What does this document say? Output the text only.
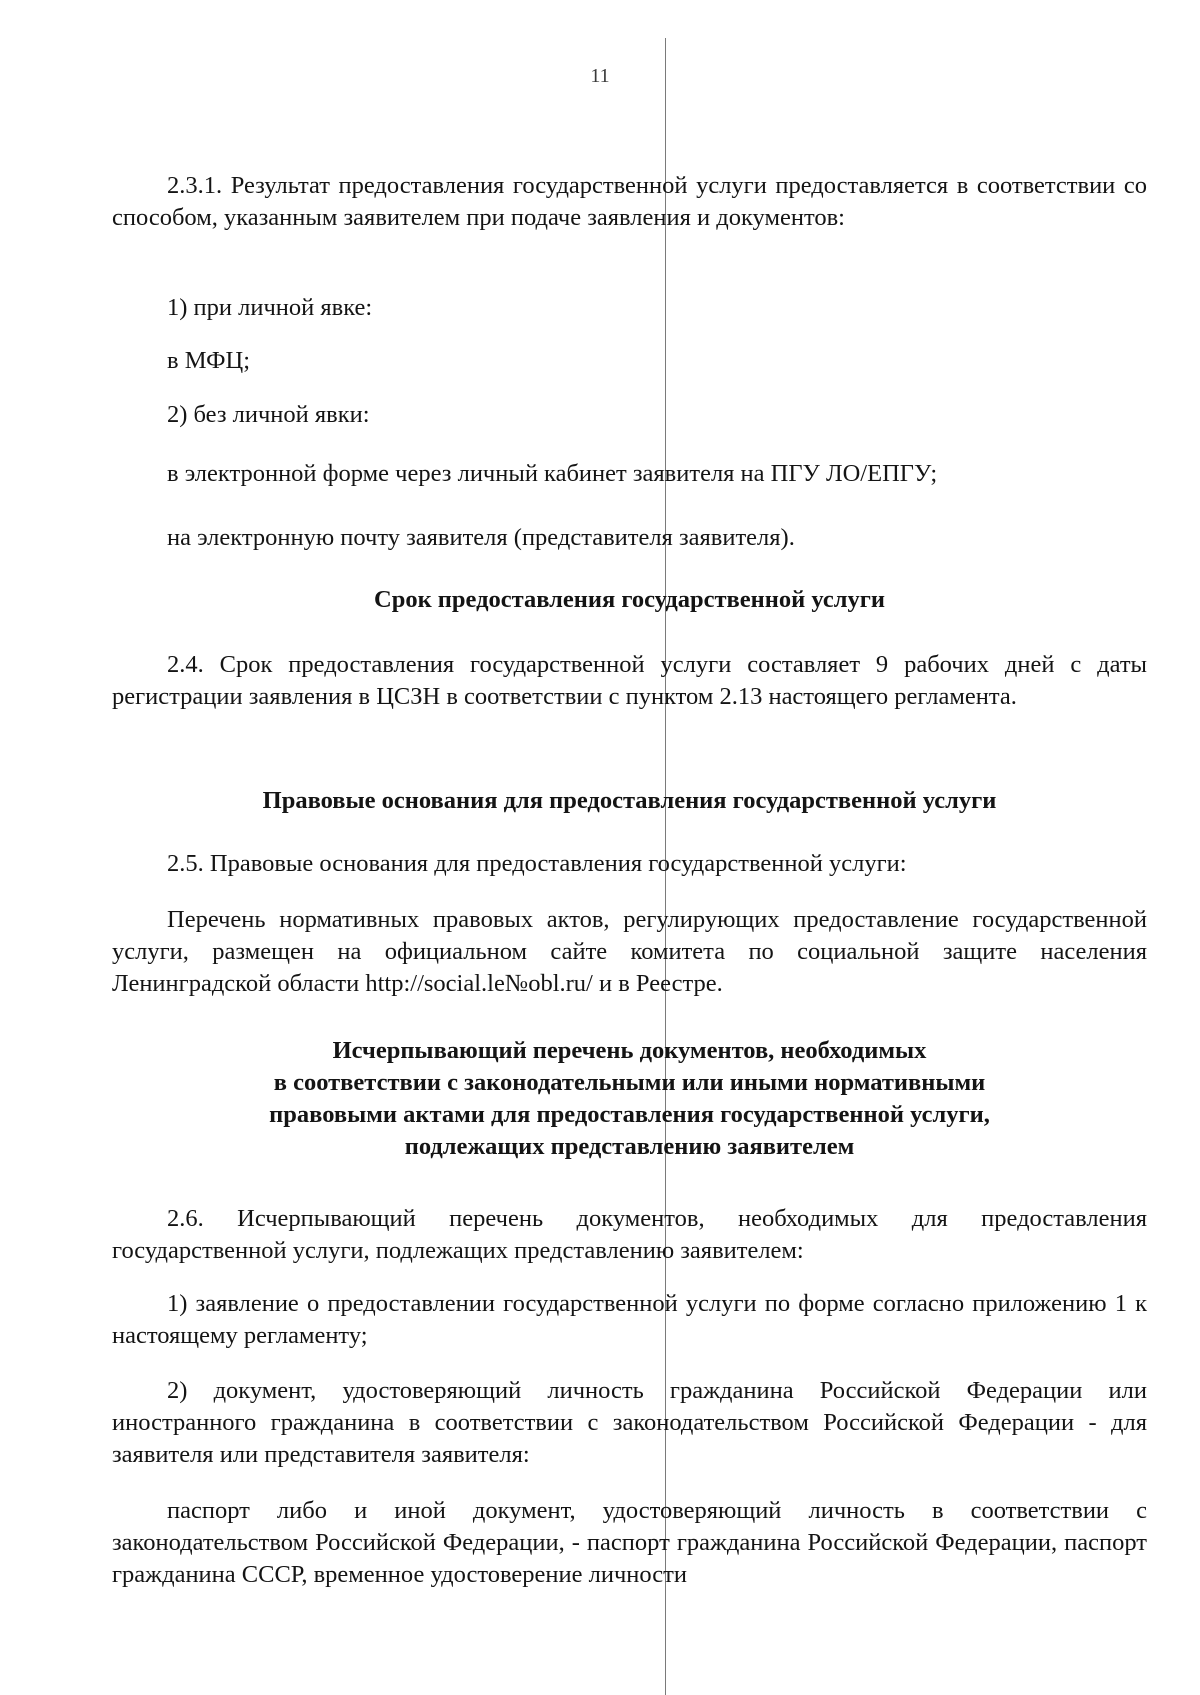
11

2.3.1. Результат предоставления государственной услуги предоставляется в соответствии со способом, указанным заявителем при подаче заявления и документов:

1) при личной явке:

в МФЦ;

2) без личной явки:

в электронной форме через личный кабинет заявителя на ПГУ ЛО/ЕПГУ;

на электронную почту заявителя (представителя заявителя).

Срок предоставления государственной услуги

2.4. Срок предоставления государственной услуги составляет 9 рабочих дней с даты регистрации заявления в ЦСЗН в соответствии с пунктом 2.13 настоящего регламента.

Правовые основания для предоставления государственной услуги

2.5. Правовые основания для предоставления государственной услуги:

Перечень нормативных правовых актов, регулирующих предоставление государственной услуги, размещен на официальном сайте комитета по социальной защите населения Ленинградской области http://social.le№obl.ru/ и в Реестре.

Исчерпывающий перечень документов, необходимых
в соответствии с законодательными или иными нормативными
правовыми актами для предоставления государственной услуги,
подлежащих представлению заявителем

2.6. Исчерпывающий перечень документов, необходимых для предоставления государственной услуги, подлежащих представлению заявителем:

1) заявление о предоставлении государственной услуги по форме согласно приложению 1 к настоящему регламенту;

2) документ, удостоверяющий личность гражданина Российской Федерации или иностранного гражданина в соответствии с законодательством Российской Федерации - для заявителя или представителя заявителя:

паспорт либо и иной документ, удостоверяющий личность в соответствии с законодательством Российской Федерации, - паспорт гражданина Российской Федерации, паспорт гражданина СССР, временное удостоверение личности
